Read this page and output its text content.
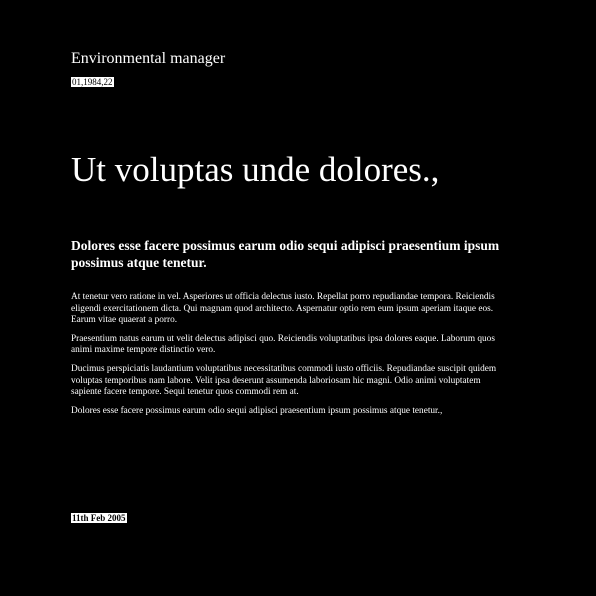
Environmental manager
01,1984,22
Ut voluptas unde dolores.,
Dolores esse facere possimus earum odio sequi adipisci praesentium ipsum possimus atque tenetur.

At tenetur vero ratione in vel. Asperiores ut officia delectus iusto. Repellat porro repudiandae tempora. Reiciendis eligendi exercitationem dicta. Qui magnam quod architecto. Aspernatur optio rem eum ipsum aperiam itaque eos. Earum vitae quaerat a porro.

Praesentium natus earum ut velit delectus adipisci quo. Reiciendis voluptatibus ipsa dolores eaque. Laborum quos animi maxime tempore distinctio vero.

Ducimus perspiciatis laudantium voluptatibus necessitatibus commodi iusto officiis. Repudiandae suscipit quidem voluptas temporibus nam labore. Velit ipsa deserunt assumenda laboriosam hic magni. Odio animi voluptatem sapiente facere tempore. Sequi tenetur quos commodi rem at.

Dolores esse facere possimus earum odio sequi adipisci praesentium ipsum possimus atque tenetur.,

11th Feb 2005
